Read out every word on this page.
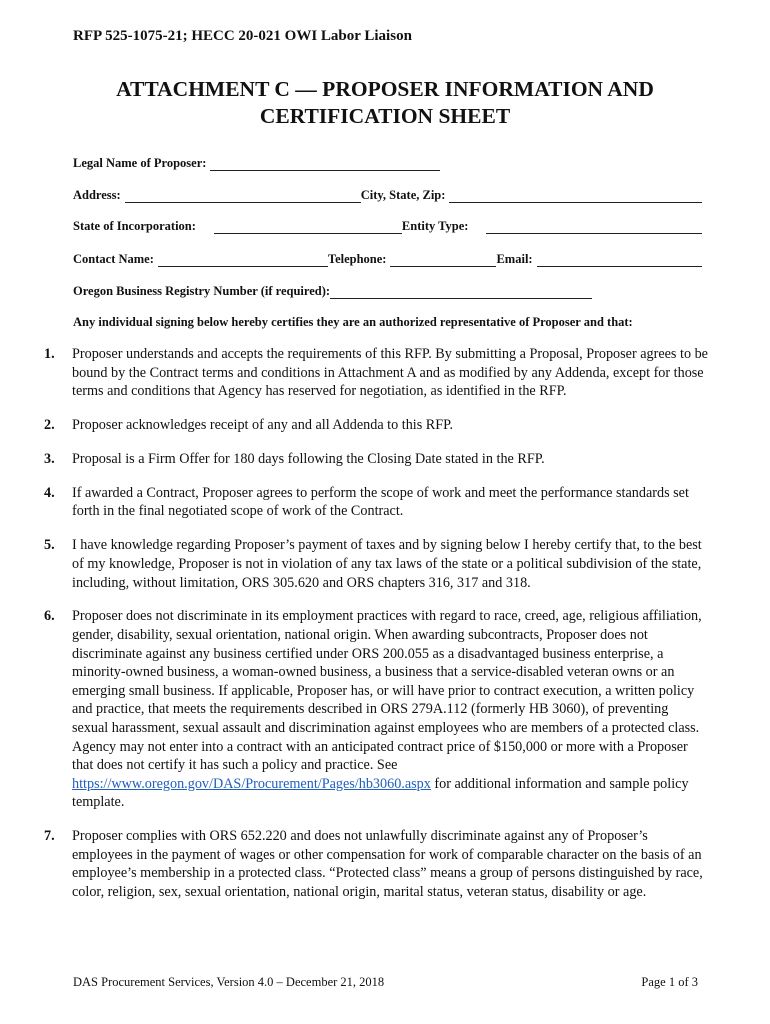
RFP 525-1075-21; HECC 20-021 OWI Labor Liaison
ATTACHMENT C — PROPOSER INFORMATION AND
CERTIFICATION SHEET
Legal Name of Proposer:
Address:	City, State, Zip:
State of Incorporation:	Entity Type:
Contact Name:	Telephone:	Email:
Oregon Business Registry Number (if required):
Any individual signing below hereby certifies they are an authorized representative of Proposer and that:
1.	Proposer understands and accepts the requirements of this RFP. By submitting a Proposal, Proposer agrees to be bound by the Contract terms and conditions in Attachment A and as modified by any Addenda, except for those terms and conditions that Agency has reserved for negotiation, as identified in the RFP.
2.	Proposer acknowledges receipt of any and all Addenda to this RFP.
3.	Proposal is a Firm Offer for 180 days following the Closing Date stated in the RFP.
4.	If awarded a Contract, Proposer agrees to perform the scope of work and meet the performance standards set forth in the final negotiated scope of work of the Contract.
5.	I have knowledge regarding Proposer’s payment of taxes and by signing below I hereby certify that, to the best of my knowledge, Proposer is not in violation of any tax laws of the state or a political subdivision of the state, including, without limitation, ORS 305.620 and ORS chapters 316, 317 and 318.
6.	Proposer does not discriminate in its employment practices with regard to race, creed, age, religious affiliation, gender, disability, sexual orientation, national origin. When awarding subcontracts, Proposer does not discriminate against any business certified under ORS 200.055 as a disadvantaged business enterprise, a minority-owned business, a woman-owned business, a business that a service-disabled veteran owns or an emerging small business. If applicable, Proposer has, or will have prior to contract execution, a written policy and practice, that meets the requirements described in ORS 279A.112 (formerly HB 3060), of preventing sexual harassment, sexual assault and discrimination against employees who are members of a protected class. Agency may not enter into a contract with an anticipated contract price of $150,000 or more with a Proposer that does not certify it has such a policy and practice. See https://www.oregon.gov/DAS/Procurement/Pages/hb3060.aspx for additional information and sample policy template.
7.	Proposer complies with ORS 652.220 and does not unlawfully discriminate against any of Proposer’s employees in the payment of wages or other compensation for work of comparable character on the basis of an employee’s membership in a protected class. “Protected class” means a group of persons distinguished by race, color, religion, sex, sexual orientation, national origin, marital status, veteran status, disability or age.
DAS Procurement Services, Version 4.0 – December 21, 2018	Page 1 of 3
